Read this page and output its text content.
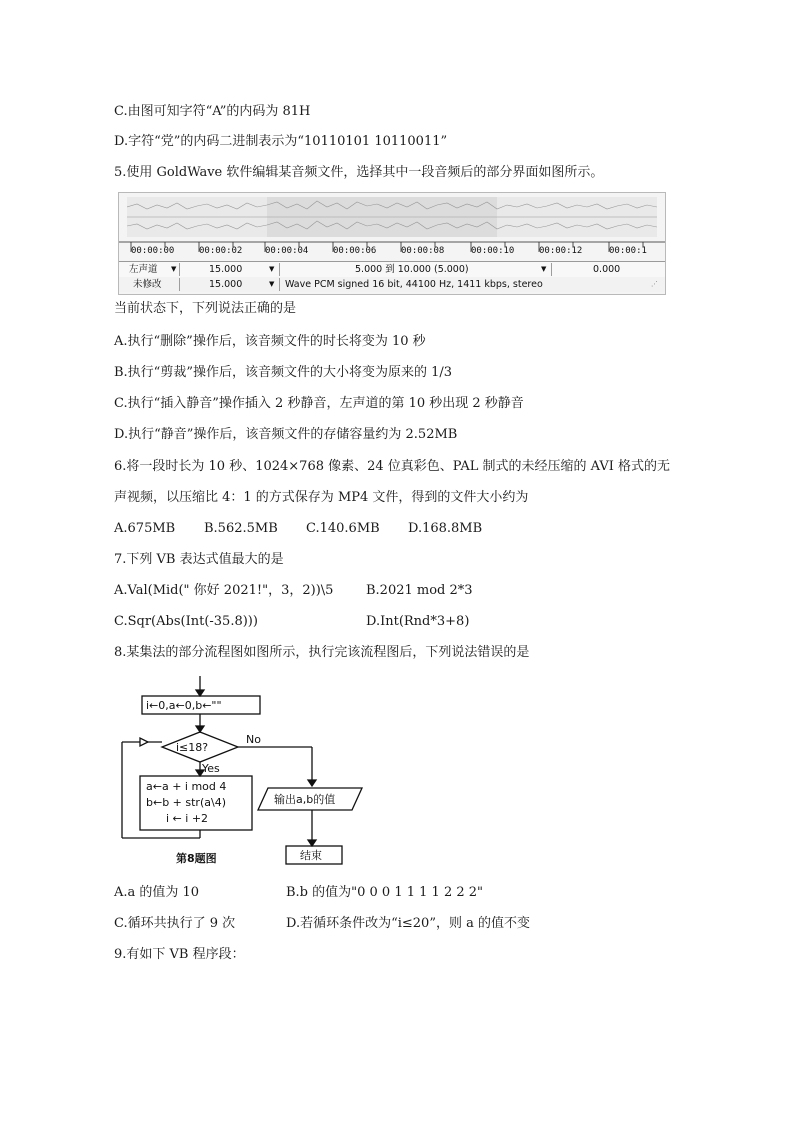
C.由图可知字符“A”的内码为 81H
D.字符“党”的内码二进制表示为“10110101 10110011”
5.使用 GoldWave 软件编辑某音频文件，选择其中一段音频后的部分界面如图所示。
00:00:00	00:00:02	00:00:04	00:00:06	00:00:08	00:00:10	00:00:12	00:00:1
左声道 ▼	15.000	▼	5.000 到 10.000 (5.000)	▼	0.000
未修改	15.000	▼ Wave PCM signed 16 bit, 44100 Hz, 1411 kbps, stereo	⋰
当前状态下，下列说法正确的是
A.执行“删除”操作后，该音频文件的时长将变为 10 秒
B.执行“剪裁”操作后，该音频文件的大小将变为原来的 1/3
C.执行“插入静音”操作插入 2 秒静音，左声道的第 10 秒出现 2 秒静音
D.执行“静音”操作后，该音频文件的存储容量约为 2.52MB
6.将一段时长为 10 秒、1024×768 像素、24 位真彩色、PAL 制式的未经压缩的 AVI 格式的无
声视频，以压缩比 4：1 的方式保存为 MP4 文件，得到的文件大小约为
A.675MB B.562.5MB C.140.6MB D.168.8MB
7.下列 VB 表达式值最大的是
A.Val(Mid(" 你好 2021!"，3，2))\5	B.2021 mod 2*3
C.Sqr(Abs(Int(-35.8)))	D.Int(Rnd*3+8)
8.某集法的部分流程图如图所示，执行完该流程图后，下列说法错误的是
i←0,a←0,b←""
i≤18?
No
Yes
a←a + i mod 4
b←b + str(a\4)
i ← i +2
输出a,b的值
结束
第8题图
A.a 的值为 10	B.b 的值为"0 0 0 1 1 1 1 2 2 2"
C.循环共执行了 9 次	D.若循环条件改为“i≤20”，则 a 的值不变
9.有如下 VB 程序段：
